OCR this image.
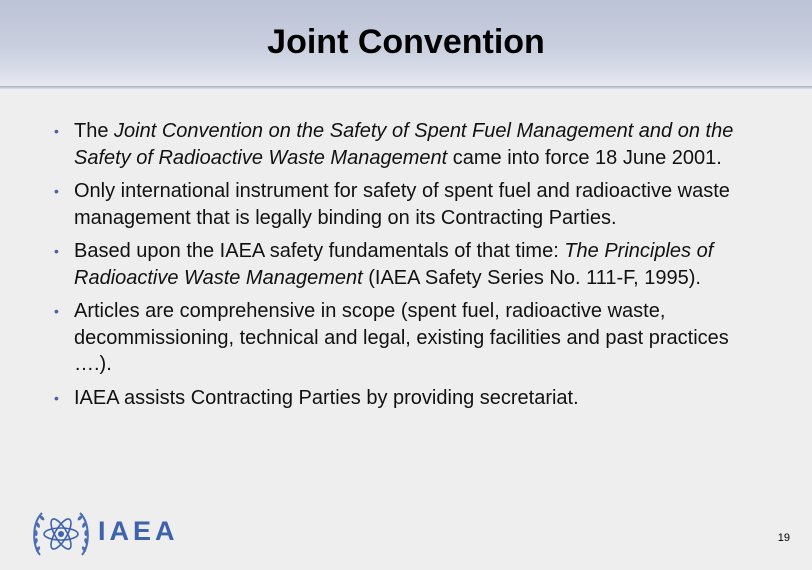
Joint Convention
• The Joint Convention on the Safety of Spent Fuel Management and on the Safety of Radioactive Waste Management came into force 18 June 2001.
• Only international instrument for safety of spent fuel and radioactive waste management that is legally binding on its Contracting Parties.
• Based upon the IAEA safety fundamentals of that time: The Principles of Radioactive Waste Management (IAEA Safety Series No. 111-F, 1995).
• Articles are comprehensive in scope (spent fuel, radioactive waste, decommissioning, technical and legal, existing facilities and past practices ….).
• IAEA assists Contracting Parties by providing secretariat.
IAEA	19
